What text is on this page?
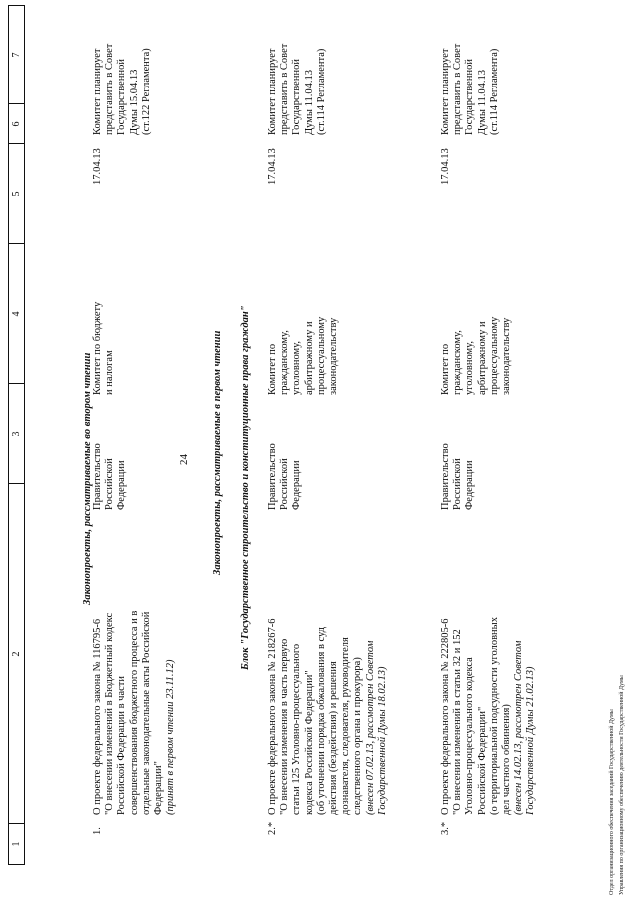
1
2
3
4
5
6
7
24
Законопроекты, рассматриваемые во втором чтении
1.
О проекте федерального закона № 116795-6 "О внесении изменений в Бюджетный кодекс Российской Федерации в части совершенствования бюджетного процесса и в отдельные законодательные акты Российской Федерации" (принят в первом чтении 23.11.12)
Правительство Российской Федерации
Комитет по бюджету и налогам
17.04.13
Комитет планирует представить в Совет Государственной Думы 15.04.13 (ст.122 Регламента)
Законопроекты, рассматриваемые в первом чтении Блок "Государственное строительство и конституционные права граждан"
2.*
О проекте федерального закона № 218267-6 "О внесении изменения в часть первую статьи 125 Уголовно-процессуального кодекса Российской Федерации" (об уточнении порядка обжалования в суд действия (бездействия) и решения дознавателя, следователя, руководителя следственного органа и прокурора) (внесен 07.02.13, рассмотрен Советом Государственной Думы 18.02.13)
Правительство Российской Федерации
Комитет по гражданскому, уголовному, арбитражному и процессуальному законодательству
17.04.13
Комитет планирует представить в Совет Государственной Думы 11.04.13 (ст.114 Регламента)
3.*
О проекте федерального закона № 222805-6 "О внесении изменений в статьи 32 и 152 Уголовно-процессуального кодекса Российской Федерации" (о территориальной подсудности уголовных дел частного обвинения) (внесен 14.02.13, рассмотрен Советом Государственной Думы 21.02.13)
Правительство Российской Федерации
Комитет по гражданскому, уголовному, арбитражному и процессуальному законодательству
17.04.13
Комитет планирует представить в Совет Государственной Думы 11.04.13 (ст.114 Регламента)
Отдел организационного обеспечения заседаний Государственной Думы Управления по организационному обеспечению деятельности Государственной Думы
